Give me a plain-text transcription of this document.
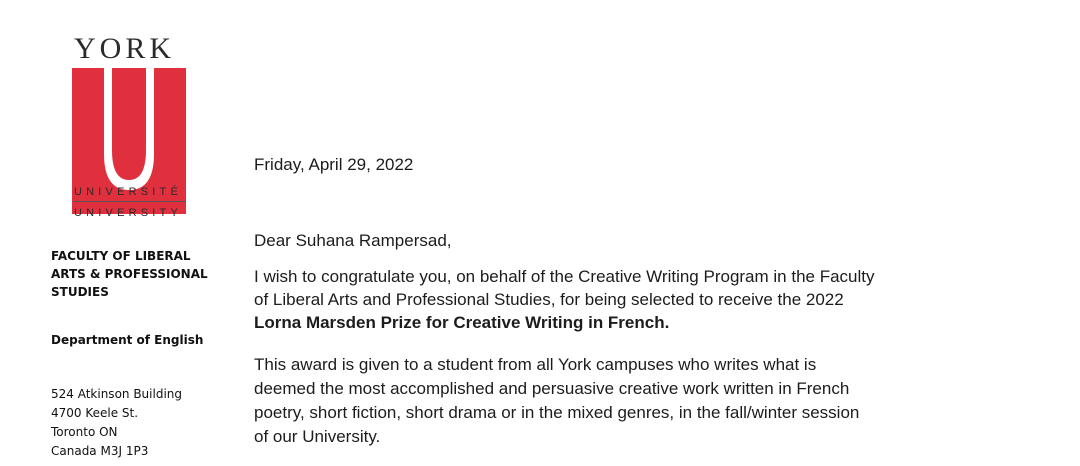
YORK
UNIVERSITÉ
UNIVERSITY
FACULTY OF LIBERAL
ARTS & PROFESSIONAL
STUDIES
Department of English
524 Atkinson Building
4700 Keele St.
Toronto ON
Canada M3J 1P3
Friday, April 29, 2022
Dear Suhana Rampersad,
I wish to congratulate you, on behalf of the Creative Writing Program in the Faculty
of Liberal Arts and Professional Studies, for being selected to receive the 2022
Lorna Marsden Prize for Creative Writing in French.
This award is given to a student from all York campuses who writes what is
deemed the most accomplished and persuasive creative work written in French
poetry, short fiction, short drama or in the mixed genres, in the fall/winter session
of our University.
